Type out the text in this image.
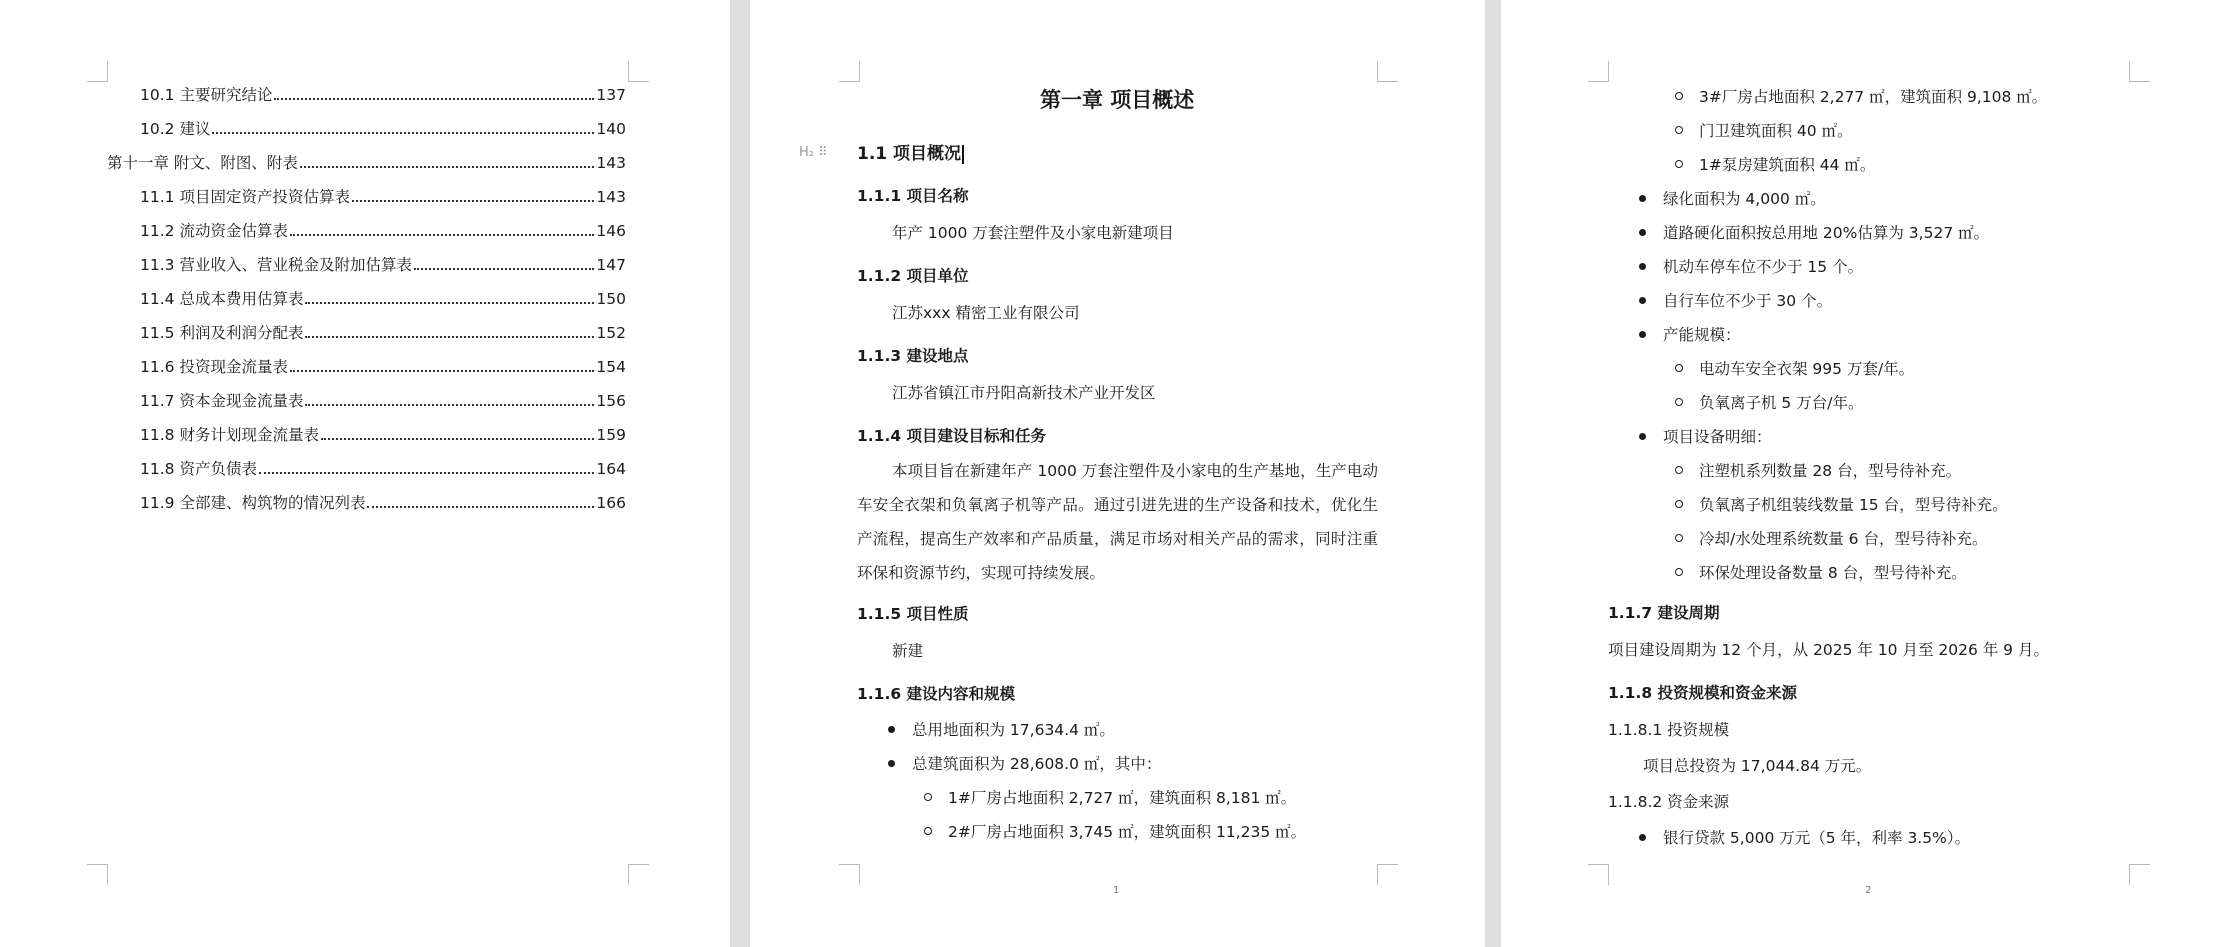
10.1 主要研究结论	137
10.2 建议	140
第十一章 附文、附图、附表	143
11.1 项目固定资产投资估算表	143
11.2 流动资金估算表	146
11.3 营业收入、营业税金及附加估算表	147
11.4 总成本费用估算表	150
11.5 利润及利润分配表	152
11.6 投资现金流量表	154
11.7 资本金现金流量表	156
11.8 财务计划现金流量表	159
11.8 资产负债表	164
11.9 全部建、构筑物的情况列表	166
第一章 项目概述
H₂ ⠿ 1.1 项目概况
1.1.1 项目名称
年产 1000 万套注塑件及小家电新建项目
1.1.2 项目单位
江苏xxx 精密工业有限公司
1.1.3 建设地点
江苏省镇江市丹阳高新技术产业开发区
1.1.4 项目建设目标和任务
本项目旨在新建年产 1000 万套注塑件及小家电的生产基地，生产电动车安全衣架和负氧离子机等产品。通过引进先进的生产设备和技术，优化生产流程，提高生产效率和产品质量，满足市场对相关产品的需求，同时注重环保和资源节约，实现可持续发展。
1.1.5 项目性质
新建
1.1.6 建设内容和规模
总用地面积为 17,634.4 ㎡。
总建筑面积为 28,608.0 ㎡，其中：
1#厂房占地面积 2,727 ㎡，建筑面积 8,181 ㎡。
2#厂房占地面积 3,745 ㎡，建筑面积 11,235 ㎡。
1
3#厂房占地面积 2,277 ㎡，建筑面积 9,108 ㎡。
门卫建筑面积 40 ㎡。
1#泵房建筑面积 44 ㎡。
绿化面积为 4,000 ㎡。
道路硬化面积按总用地 20%估算为 3,527 ㎡。
机动车停车位不少于 15 个。
自行车位不少于 30 个。
产能规模：
电动车安全衣架 995 万套/年。
负氧离子机 5 万台/年。
项目设备明细：
注塑机系列数量 28 台，型号待补充。
负氧离子机组装线数量 15 台，型号待补充。
冷却/水处理系统数量 6 台，型号待补充。
环保处理设备数量 8 台，型号待补充。
1.1.7 建设周期
项目建设周期为 12 个月，从 2025 年 10 月至 2026 年 9 月。
1.1.8 投资规模和资金来源
1.1.8.1 投资规模
项目总投资为 17,044.84 万元。
1.1.8.2 资金来源
银行贷款 5,000 万元（5 年，利率 3.5%）。
2
